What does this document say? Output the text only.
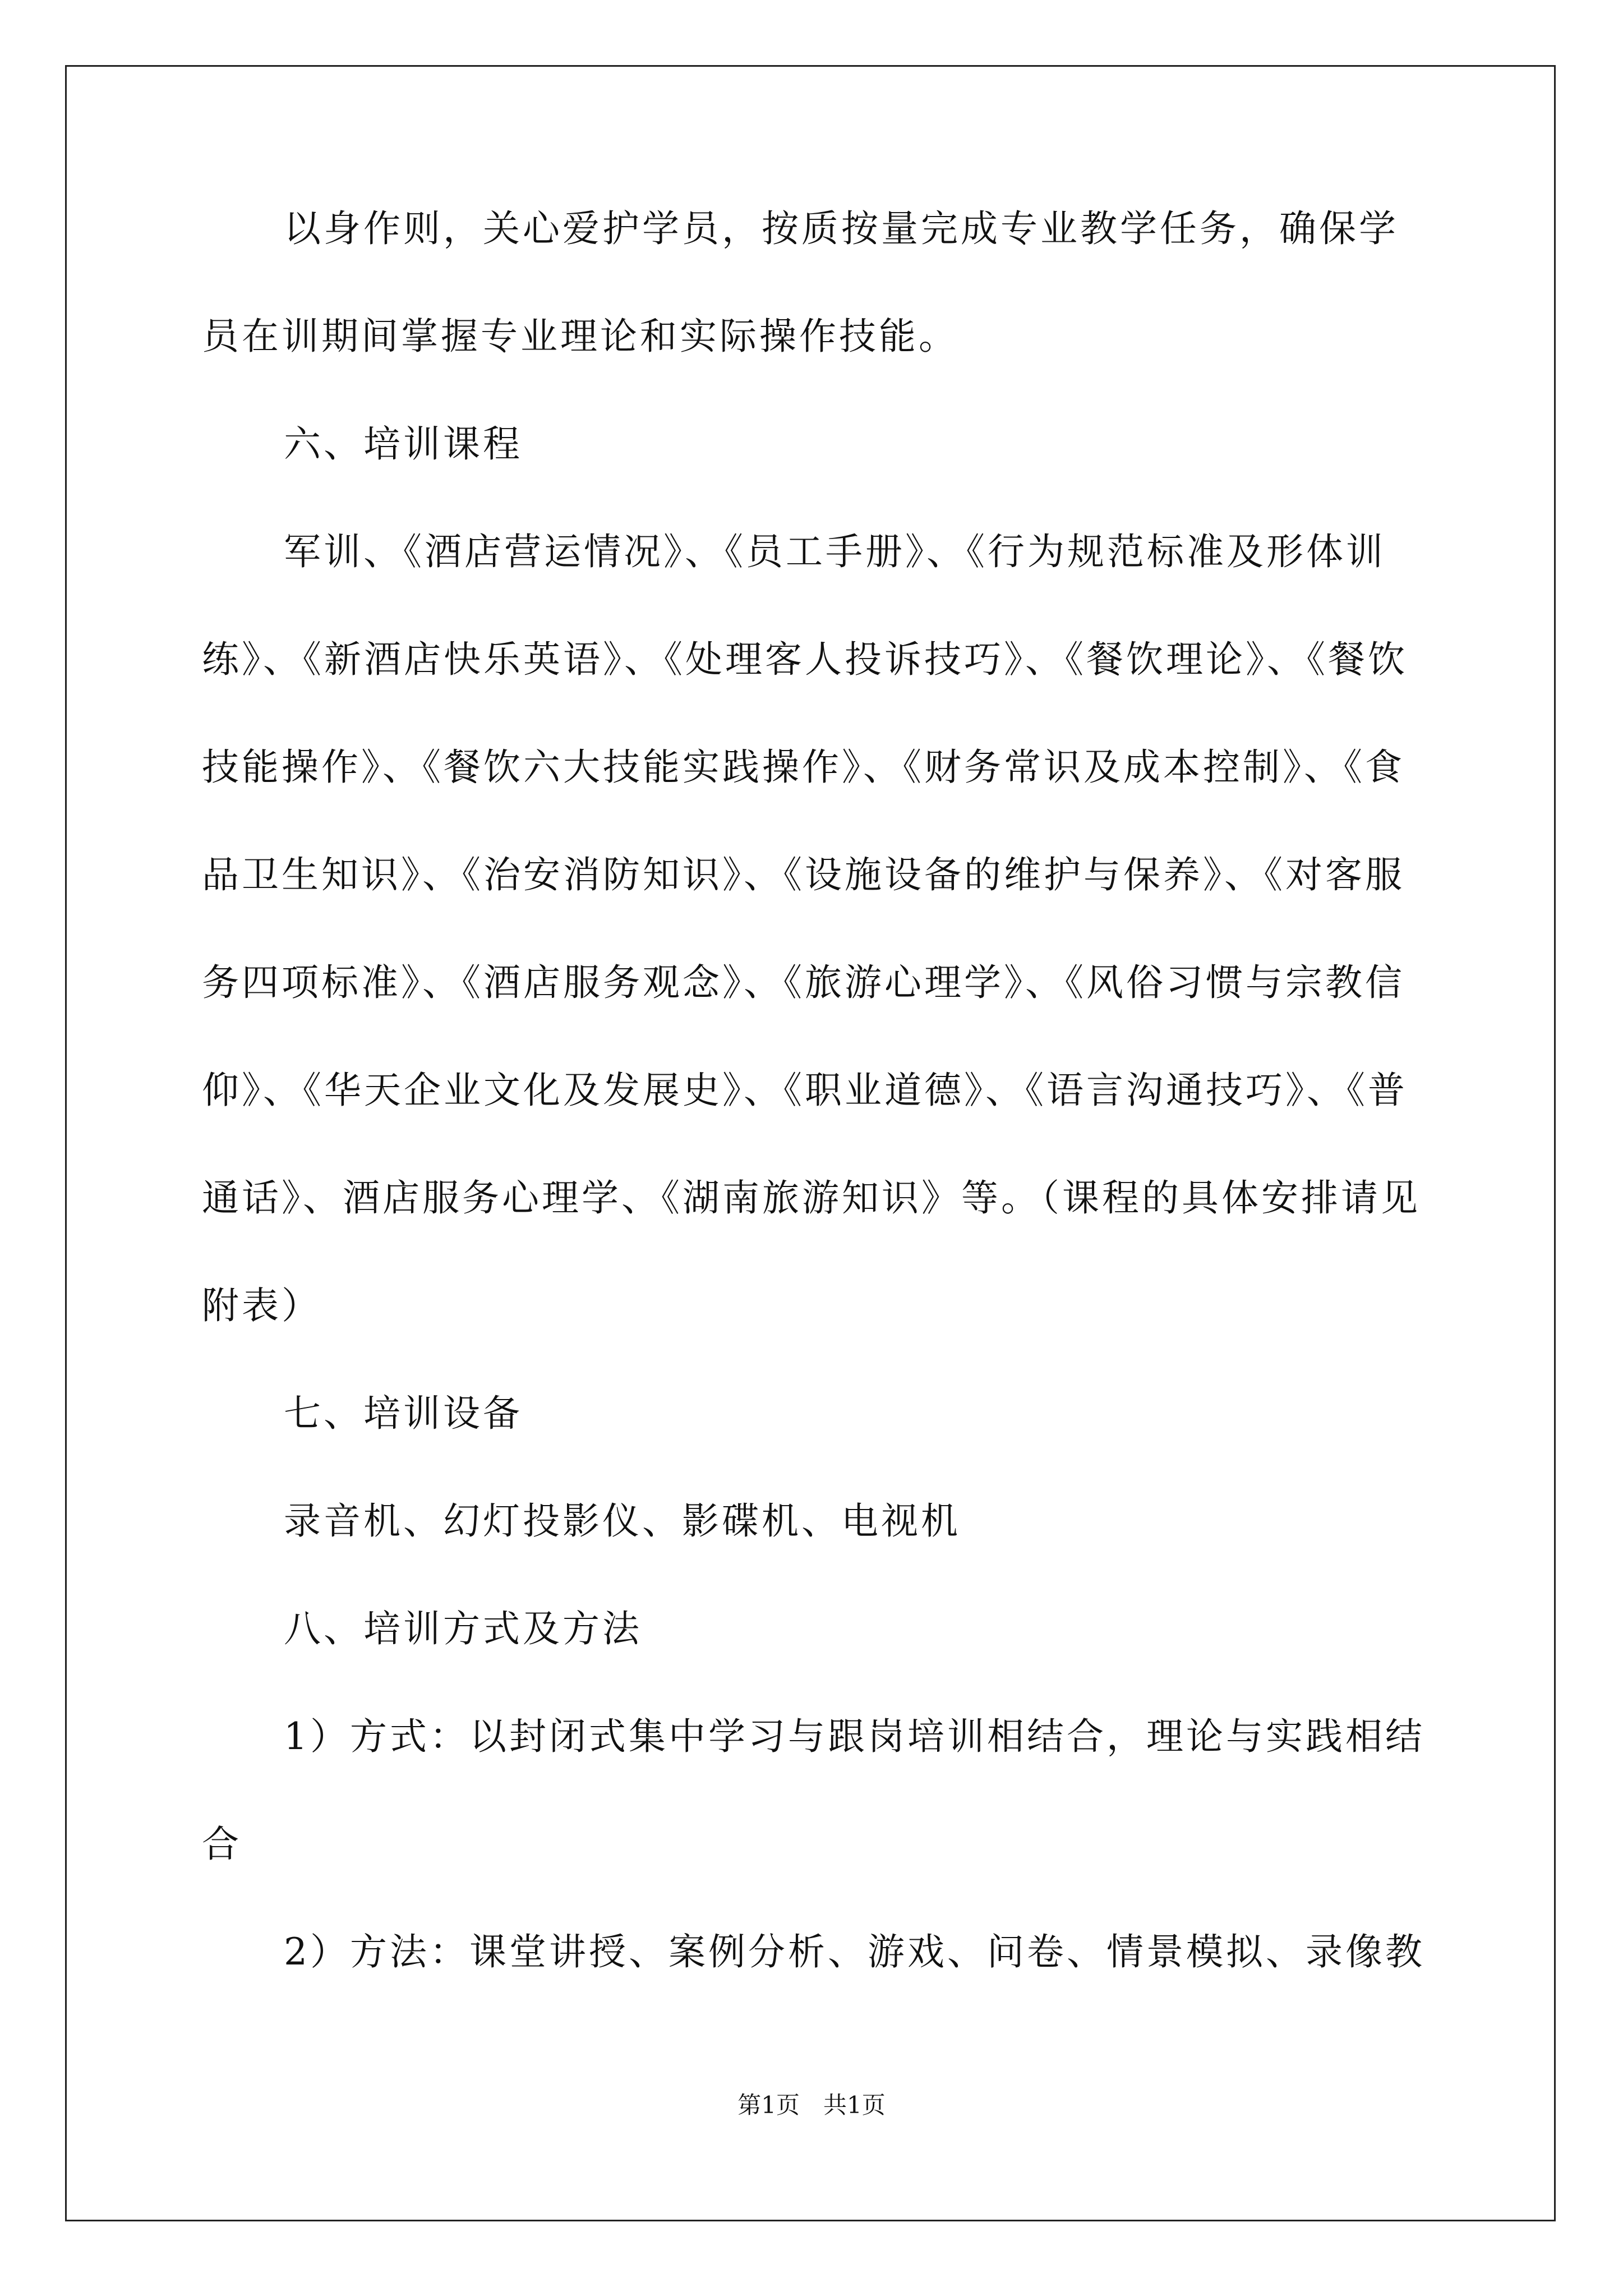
以身作则，关心爱护学员，按质按量完成专业教学任务，确保学
员在训期间掌握专业理论和实际操作技能。
六、培训课程
军训、《酒店营运情况》、《员工手册》、《行为规范标准及形体训
练》、《新酒店快乐英语》、《处理客人投诉技巧》、《餐饮理论》、《餐饮
技能操作》、《餐饮六大技能实践操作》、《财务常识及成本控制》、《食
品卫生知识》、《治安消防知识》、《设施设备的维护与保养》、《对客服
务四项标准》、《酒店服务观念》、《旅游心理学》、《风俗习惯与宗教信
仰》、《华天企业文化及发展史》、《职业道德》、《语言沟通技巧》、《普
通话》、酒店服务心理学、《湖南旅游知识》等。（课程的具体安排请见
附表）
七、培训设备
录音机、幻灯投影仪、影碟机、电视机
八、培训方式及方法
1）方式：以封闭式集中学习与跟岗培训相结合，理论与实践相结
合
2）方法：课堂讲授、案例分析、游戏、问卷、情景模拟、录像教
第1页　共1页
